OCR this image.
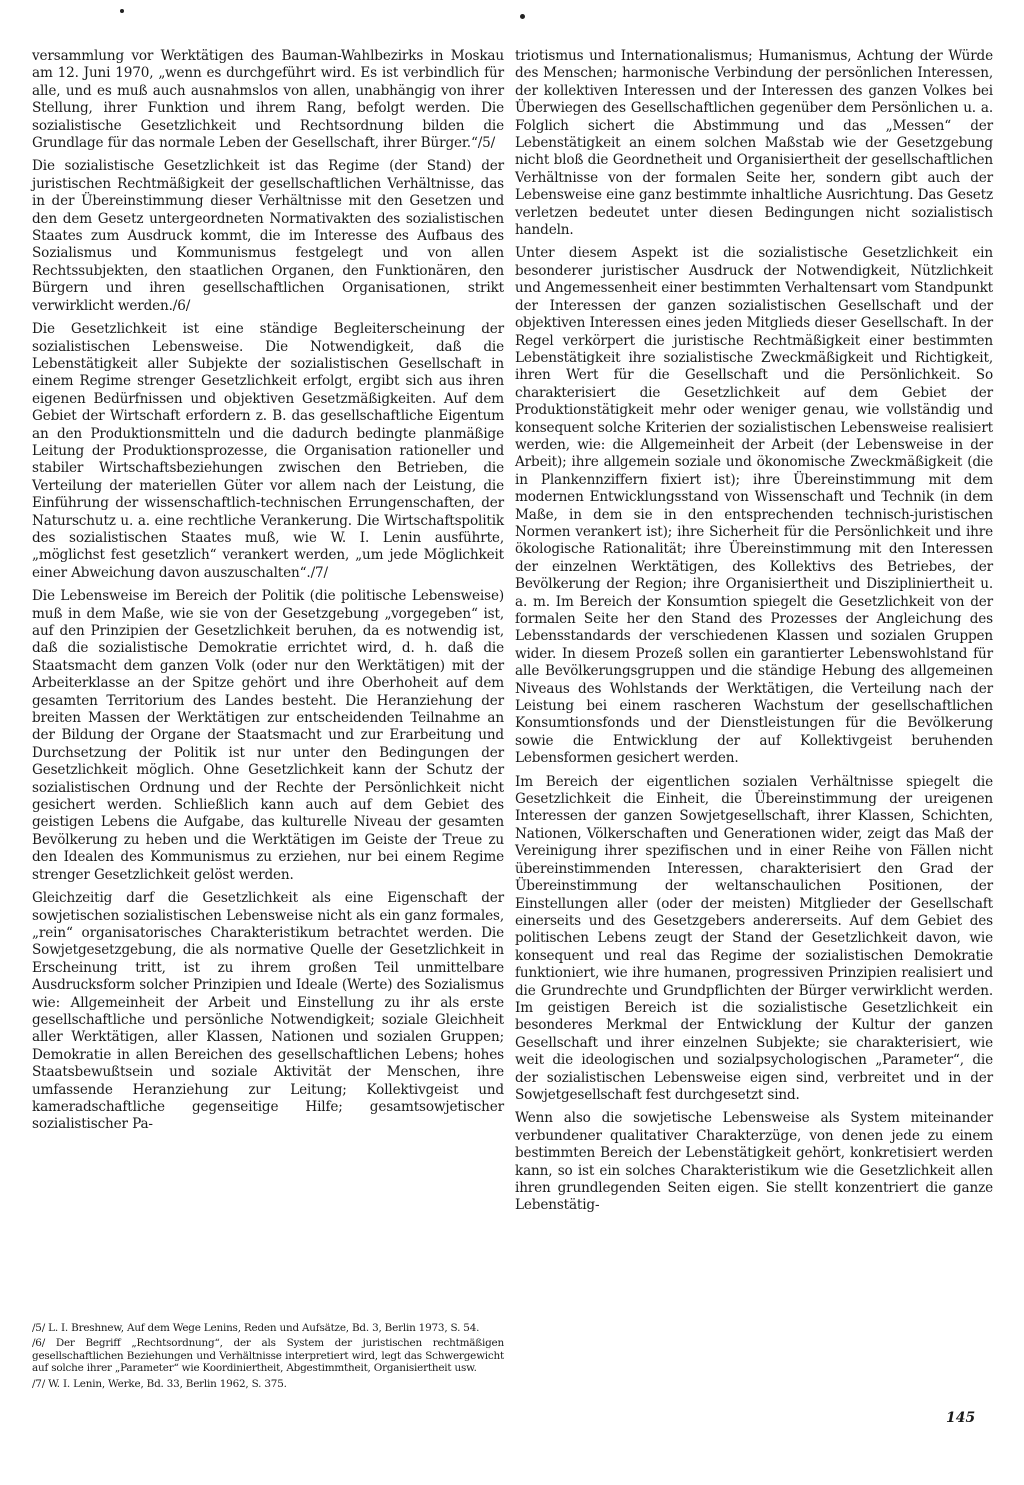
versammlung vor Werktätigen des Bauman-Wahlbezirks in Moskau am 12. Juni 1970, „wenn es durchgeführt wird. Es ist verbindlich für alle, und es muß auch ausnahmslos von allen, unabhängig von ihrer Stellung, ihrer Funktion und ihrem Rang, befolgt werden. Die sozialistische Gesetzlichkeit und Rechtsordnung bilden die Grundlage für das normale Leben der Gesellschaft, ihrer Bürger.“/5/

Die sozialistische Gesetzlichkeit ist das Regime (der Stand) der juristischen Rechtmäßigkeit der gesellschaftlichen Verhältnisse, das in der Übereinstimmung dieser Verhältnisse mit den Gesetzen und den dem Gesetz untergeordneten Normativakten des sozialistischen Staates zum Ausdruck kommt, die im Interesse des Aufbaus des Sozialismus und Kommunismus festgelegt und von allen Rechtssubjekten, den staatlichen Organen, den Funktionären, den Bürgern und ihren gesellschaftlichen Organisationen, strikt verwirklicht werden./6/

Die Gesetzlichkeit ist eine ständige Begleiterscheinung der sozialistischen Lebensweise. Die Notwendigkeit, daß die Lebenstätigkeit aller Subjekte der sozialistischen Gesellschaft in einem Regime strenger Gesetzlichkeit erfolgt, ergibt sich aus ihren eigenen Bedürfnissen und objektiven Gesetzmäßigkeiten. Auf dem Gebiet der Wirtschaft erfordern z. B. das gesellschaftliche Eigentum an den Produktionsmitteln und die dadurch bedingte planmäßige Leitung der Produktionsprozesse, die Organisation rationeller und stabiler Wirtschaftsbeziehungen zwischen den Betrieben, die Verteilung der materiellen Güter vor allem nach der Leistung, die Einführung der wissenschaftlich-technischen Errungenschaften, der Naturschutz u. a. eine rechtliche Verankerung. Die Wirtschaftspolitik des sozialistischen Staates muß, wie W. I. Lenin ausführte, „möglichst fest gesetzlich“ verankert werden, „um jede Möglichkeit einer Abweichung davon auszuschalten“./7/

Die Lebensweise im Bereich der Politik (die politische Lebensweise) muß in dem Maße, wie sie von der Gesetzgebung „vorgegeben“ ist, auf den Prinzipien der Gesetzlichkeit beruhen, da es notwendig ist, daß die sozialistische Demokratie errichtet wird, d. h. daß die Staatsmacht dem ganzen Volk (oder nur den Werktätigen) mit der Arbeiterklasse an der Spitze gehört und ihre Oberhoheit auf dem gesamten Territorium des Landes besteht. Die Heranziehung der breiten Massen der Werktätigen zur entscheidenden Teilnahme an der Bildung der Organe der Staatsmacht und zur Erarbeitung und Durchsetzung der Politik ist nur unter den Bedingungen der Gesetzlichkeit möglich. Ohne Gesetzlichkeit kann der Schutz der sozialistischen Ordnung und der Rechte der Persönlichkeit nicht gesichert werden. Schließlich kann auch auf dem Gebiet des geistigen Lebens die Aufgabe, das kulturelle Niveau der gesamten Bevölkerung zu heben und die Werktätigen im Geiste der Treue zu den Idealen des Kommunismus zu erziehen, nur bei einem Regime strenger Gesetzlichkeit gelöst werden.

Gleichzeitig darf die Gesetzlichkeit als eine Eigenschaft der sowjetischen sozialistischen Lebensweise nicht als ein ganz formales, „rein“ organisatorisches Charakteristikum betrachtet werden. Die Sowjetgesetzgebung, die als normative Quelle der Gesetzlichkeit in Erscheinung tritt, ist zu ihrem großen Teil unmittelbare Ausdrucksform solcher Prinzipien und Ideale (Werte) des Sozialismus wie: Allgemeinheit der Arbeit und Einstellung zu ihr als erste gesellschaftliche und persönliche Notwendigkeit; soziale Gleichheit aller Werktätigen, aller Klassen, Nationen und sozialen Gruppen; Demokratie in allen Bereichen des gesellschaftlichen Lebens; hohes Staatsbewußtsein und soziale Aktivität der Menschen, ihre umfassende Heranziehung zur Leitung; Kollektivgeist und kameradschaftliche gegenseitige Hilfe; gesamtsowjetischer sozialistischer Pa-

triotismus und Internationalismus; Humanismus, Achtung der Würde des Menschen; harmonische Verbindung der persönlichen Interessen, der kollektiven Interessen und der Interessen des ganzen Volkes bei Überwiegen des Gesellschaftlichen gegenüber dem Persönlichen u. a. Folglich sichert die Abstimmung und das „Messen“ der Lebenstätigkeit an einem solchen Maßstab wie der Gesetzgebung nicht bloß die Geordnetheit und Organisiertheit der gesellschaftlichen Verhältnisse von der formalen Seite her, sondern gibt auch der Lebensweise eine ganz bestimmte inhaltliche Ausrichtung. Das Gesetz verletzen bedeutet unter diesen Bedingungen nicht sozialistisch handeln.

Unter diesem Aspekt ist die sozialistische Gesetzlichkeit ein besonderer juristischer Ausdruck der Notwendigkeit, Nützlichkeit und Angemessenheit einer bestimmten Verhaltensart vom Standpunkt der Interessen der ganzen sozialistischen Gesellschaft und der objektiven Interessen eines jeden Mitglieds dieser Gesellschaft. In der Regel verkörpert die juristische Rechtmäßigkeit einer bestimmten Lebenstätigkeit ihre sozialistische Zweckmäßigkeit und Richtigkeit, ihren Wert für die Gesellschaft und die Persönlichkeit. So charakterisiert die Gesetzlichkeit auf dem Gebiet der Produktionstätigkeit mehr oder weniger genau, wie vollständig und konsequent solche Kriterien der sozialistischen Lebensweise realisiert werden, wie: die Allgemeinheit der Arbeit (der Lebensweise in der Arbeit); ihre allgemein soziale und ökonomische Zweckmäßigkeit (die in Plankennziffern fixiert ist); ihre Übereinstimmung mit dem modernen Entwicklungsstand von Wissenschaft und Technik (in dem Maße, in dem sie in den entsprechenden technisch-juristischen Normen verankert ist); ihre Sicherheit für die Persönlichkeit und ihre ökologische Rationalität; ihre Übereinstimmung mit den Interessen der einzelnen Werktätigen, des Kollektivs des Betriebes, der Bevölkerung der Region; ihre Organisiertheit und Diszipliniertheit u. a. m. Im Bereich der Konsumtion spiegelt die Gesetzlichkeit von der formalen Seite her den Stand des Prozesses der Angleichung des Lebensstandards der verschiedenen Klassen und sozialen Gruppen wider. In diesem Prozeß sollen ein garantierter Lebenswohlstand für alle Bevölkerungsgruppen und die ständige Hebung des allgemeinen Niveaus des Wohlstands der Werktätigen, die Verteilung nach der Leistung bei einem rascheren Wachstum der gesellschaftlichen Konsumtionsfonds und der Dienstleistungen für die Bevölkerung sowie die Entwicklung der auf Kollektivgeist beruhenden Lebensformen gesichert werden.

Im Bereich der eigentlichen sozialen Verhältnisse spiegelt die Gesetzlichkeit die Einheit, die Übereinstimmung der ureigenen Interessen der ganzen Sowjetgesellschaft, ihrer Klassen, Schichten, Nationen, Völkerschaften und Generationen wider, zeigt das Maß der Vereinigung ihrer spezifischen und in einer Reihe von Fällen nicht übereinstimmenden Interessen, charakterisiert den Grad der Übereinstimmung der weltanschaulichen Positionen, der Einstellungen aller (oder der meisten) Mitglieder der Gesellschaft einerseits und des Gesetzgebers andererseits. Auf dem Gebiet des politischen Lebens zeugt der Stand der Gesetzlichkeit davon, wie konsequent und real das Regime der sozialistischen Demokratie funktioniert, wie ihre humanen, progressiven Prinzipien realisiert und die Grundrechte und Grundpflichten der Bürger verwirklicht werden. Im geistigen Bereich ist die sozialistische Gesetzlichkeit ein besonderes Merkmal der Entwicklung der Kultur der ganzen Gesellschaft und ihrer einzelnen Subjekte; sie charakterisiert, wie weit die ideologischen und sozialpsychologischen „Parameter“, die der sozialistischen Lebensweise eigen sind, verbreitet und in der Sowjetgesellschaft fest durchgesetzt sind.

Wenn also die sowjetische Lebensweise als System miteinander verbundener qualitativer Charakterzüge, von denen jede zu einem bestimmten Bereich der Lebenstätigkeit gehört, konkretisiert werden kann, so ist ein solches Charakteristikum wie die Gesetzlichkeit allen ihren grundlegenden Seiten eigen. Sie stellt konzentriert die ganze Lebenstätig-

/5/ L. I. Breshnew, Auf dem Wege Lenins, Reden und Aufsätze, Bd. 3, Berlin 1973, S. 54.

/6/ Der Begriff „Rechtsordnung“, der als System der juristischen rechtmäßigen gesellschaftlichen Beziehungen und Verhältnisse interpretiert wird, legt das Schwergewicht auf solche ihrer „Parameter“ wie Koordiniertheit, Abgestimmtheit, Organisiertheit usw.

/7/ W. I. Lenin, Werke, Bd. 33, Berlin 1962, S. 375.

145
